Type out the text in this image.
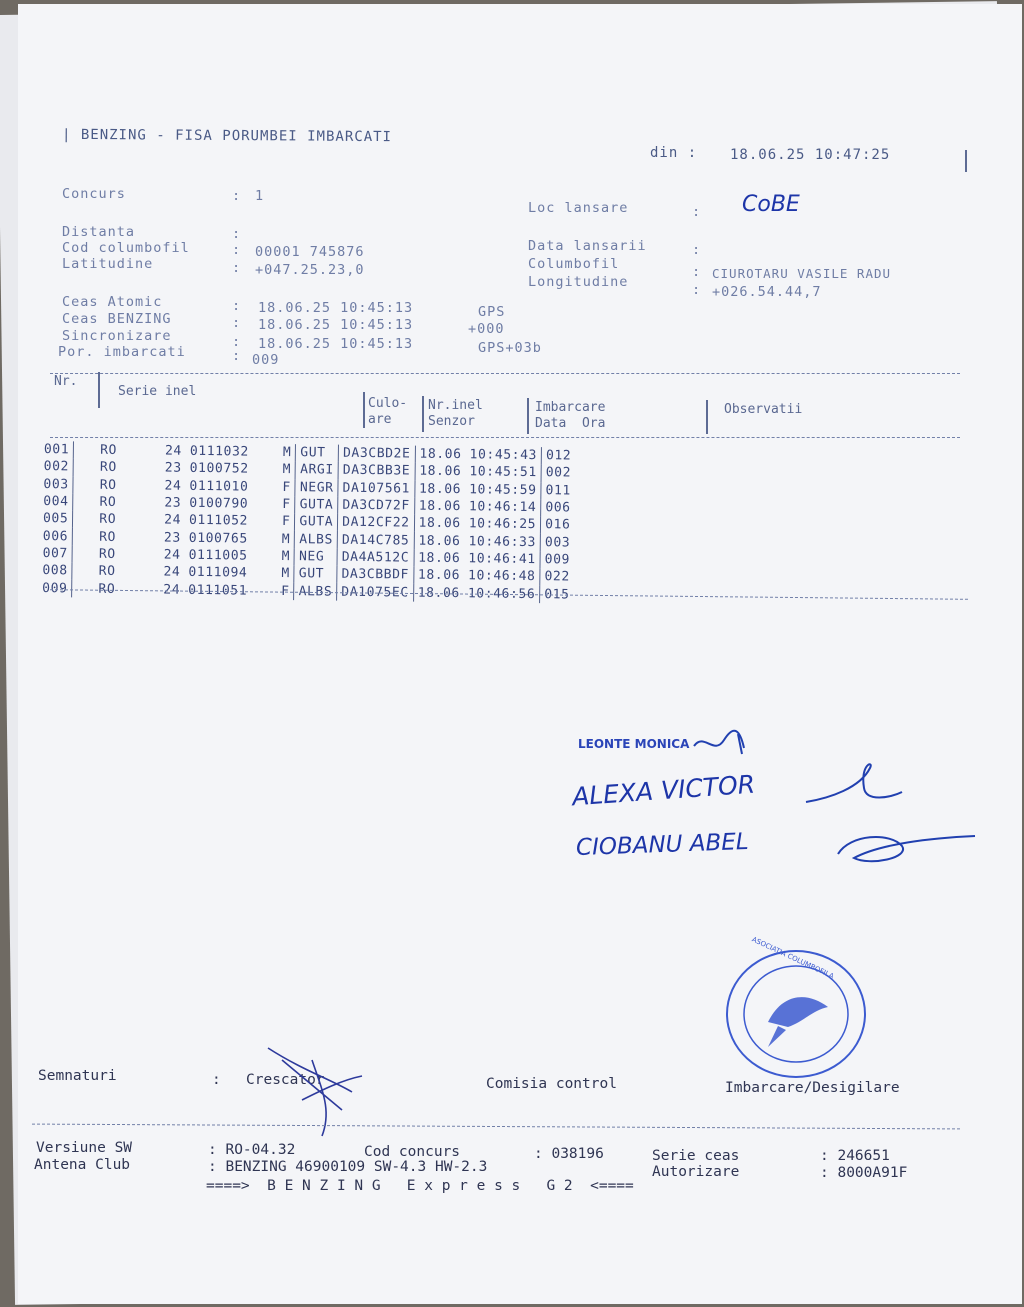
| BENZING - FISA PORUMBEI IMBARCATI
din : 18.06.25 10:47:25
Concurs	: 1
Distanta	:
Cod columbofil	: 00001 745876
Latitudine	: +047.25.23,0
Loc lansare	: CoBE
Data lansarii	:
Columbofil	: CIUROTARU VASILE RADU
Longitudine	: +026.54.44,7
Ceas Atomic	: 18.06.25 10:45:13	GPS
Ceas BENZING	: 18.06.25 10:45:13	+000
Sincronizare	: 18.06.25 10:45:13	GPS+03b
Por. imbarcati	: 009
Nr.
Serie inel
Culo-
are
Nr.inel
Senzor
Imbarcare
Data  Ora
Observatii
001	RO	24	0111032	M	GUT	DA3CBD2E	18.06	10:45:43	012
002	RO	23	0100752	M	ARGI	DA3CBB3E	18.06	10:45:51	002
003	RO	24	0111010	F	NEGR	DA107561	18.06	10:45:59	011
004	RO	23	0100790	F	GUTA	DA3CD72F	18.06	10:46:14	006
005	RO	24	0111052	F	GUTA	DA12CF22	18.06	10:46:25	016
006	RO	23	0100765	M	ALBS	DA14C785	18.06	10:46:33	003
007	RO	24	0111005	M	NEG	DA4A512C	18.06	10:46:41	009
008	RO	24	0111094	M	GUT	DA3CBBDF	18.06	10:46:48	022
009	RO	24	0111051	F	ALBS	DA1075EC	18.06	10:46:56	015
LEONTE MONICA
ALEXA VICTOR
CIOBANU ABEL
ASOCIATIA COLUMBOFILA
Semnaturi	: Crescator	Comisia control	Imbarcare/Desigilare
Versiune SW	: RO-04.32	Cod concurs	: 038196	Serie ceas	: 246651
Antena Club	: BENZING 46900109 SW-4.3 HW-2.3	Autorizare	: 8000A91F
====>  B E N Z I N G   E x p r e s s   G 2  <====
